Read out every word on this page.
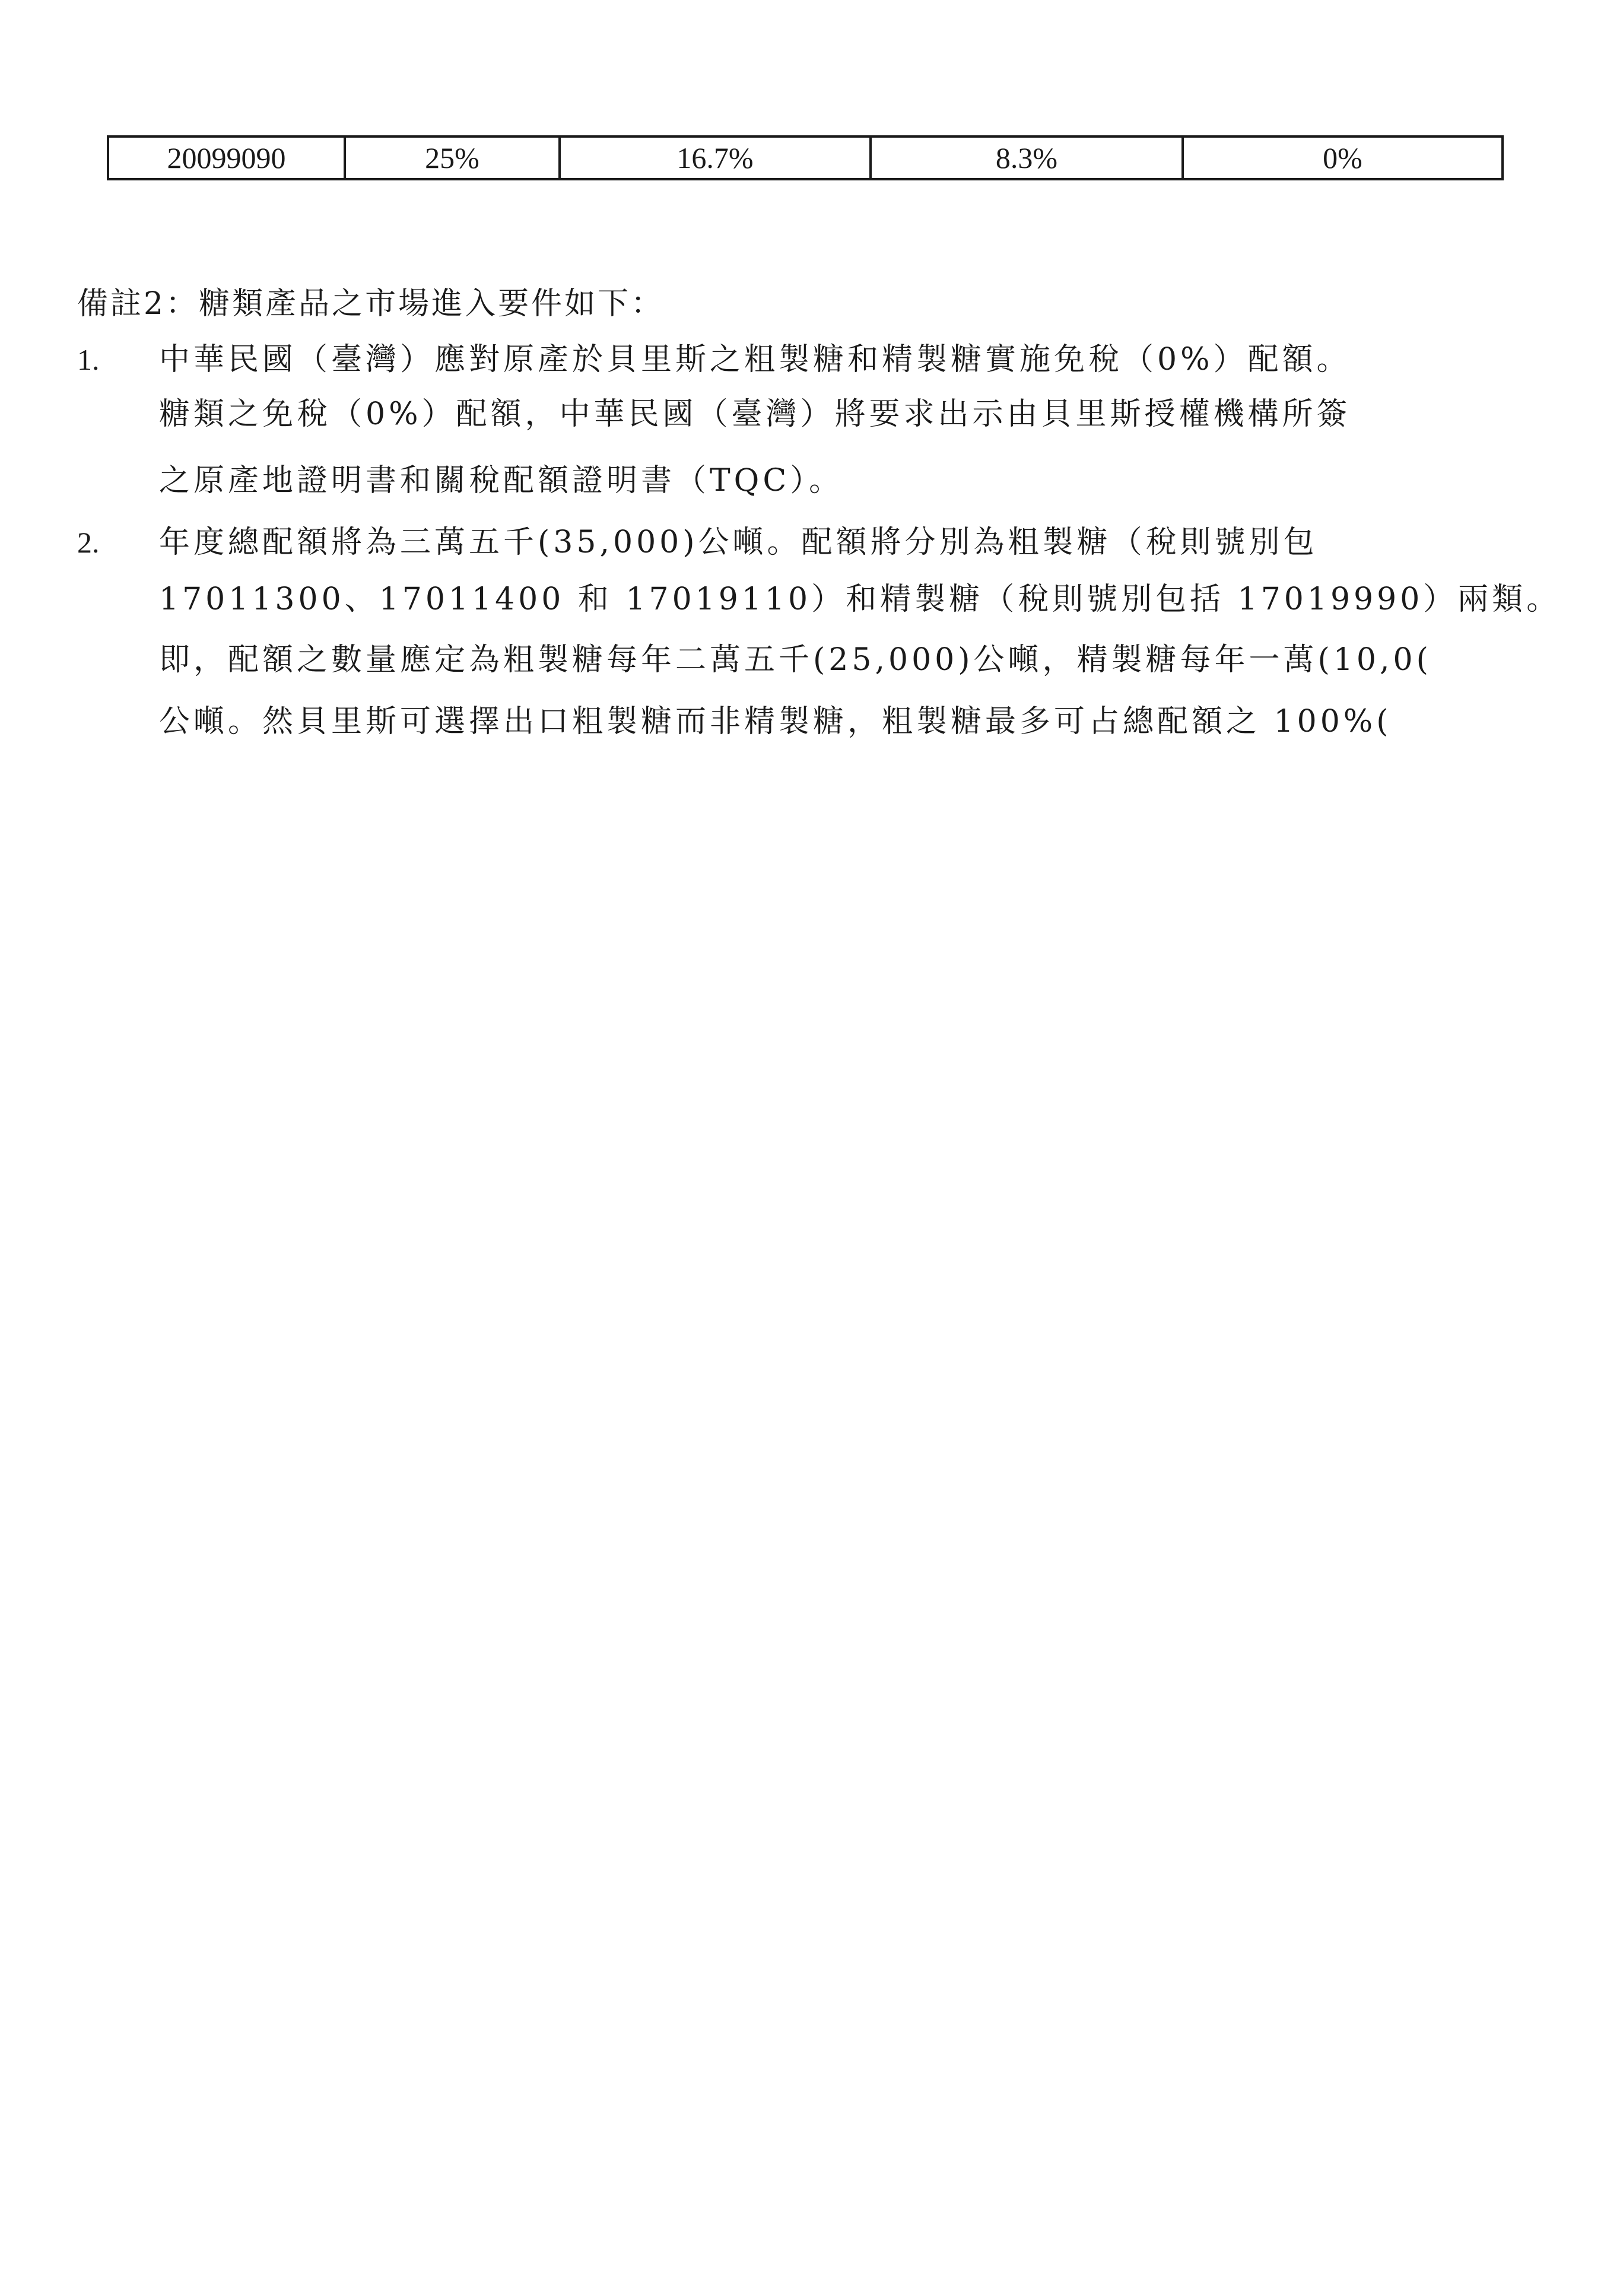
20099090	25%	16.7%	8.3%	0%
備註2：糖類產品之市場進入要件如下：
1. 中華民國（臺灣）應對原產於貝里斯之粗製糖和精製糖實施免稅（0%）配額。
糖類之免稅（0%）配額，中華民國（臺灣）將要求出示由貝里斯授權機構所簽
之原產地證明書和關稅配額證明書（TQC）。
2. 年度總配額將為三萬五千(35,000)公噸。配額將分別為粗製糖（稅則號別包
17011300、17011400 和 17019110）和精製糖（稅則號別包括 17019990）兩類。
即，配額之數量應定為粗製糖每年二萬五千(25,000)公噸，精製糖每年一萬(10,0(
公噸。然貝里斯可選擇出口粗製糖而非精製糖，粗製糖最多可占總配額之 100%(
